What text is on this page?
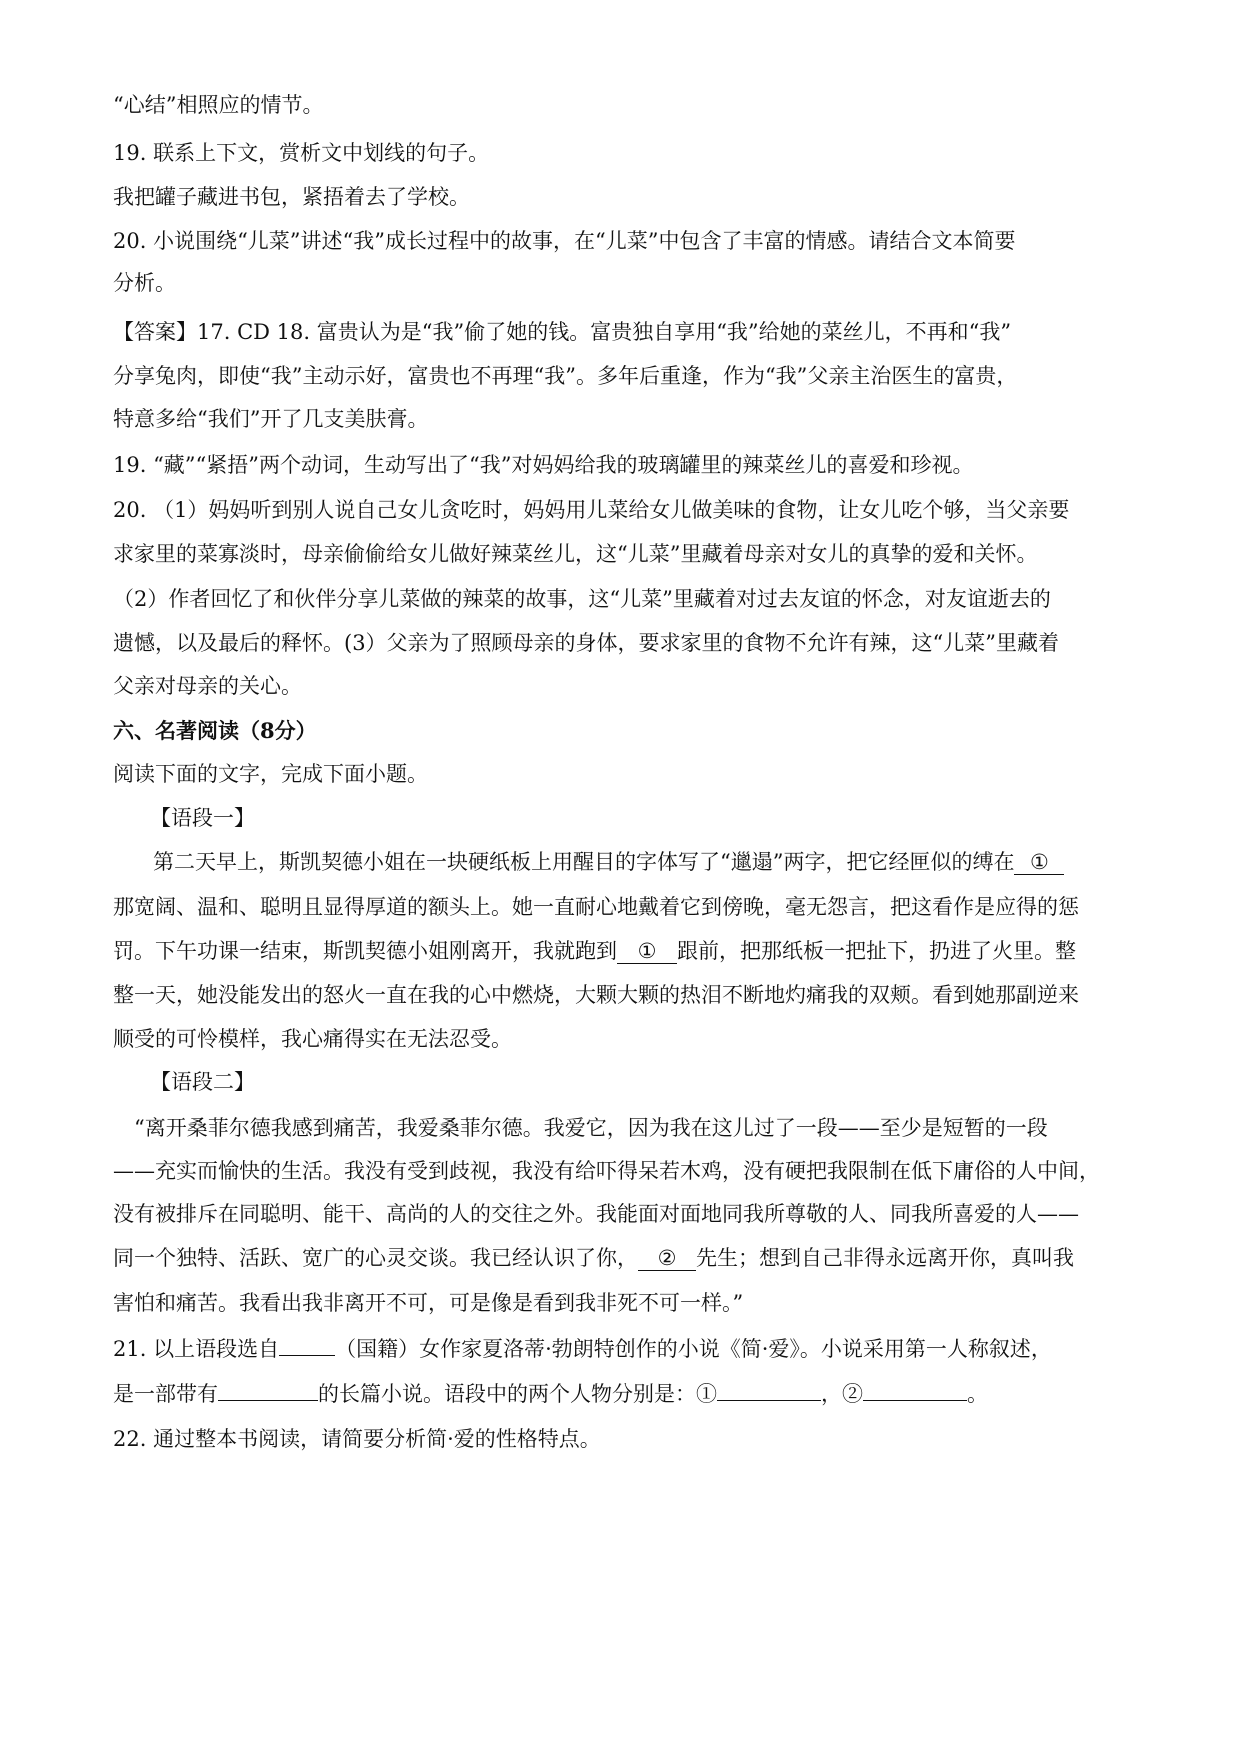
“心结”相照应的情节。
19. 联系上下文，赏析文中划线的句子。
我把罐子藏进书包，紧捂着去了学校。
20. 小说围绕“儿菜”讲述“我”成长过程中的故事，在“儿菜”中包含了丰富的情感。请结合文本简要
分析。
【答案】17. CD 18. 富贵认为是“我”偷了她的钱。富贵独自享用“我”给她的菜丝儿，不再和“我”
分享兔肉，即使“我”主动示好，富贵也不再理“我”。多年后重逢，作为“我”父亲主治医生的富贵，
特意多给“我们”开了几支美肤膏。
19. “藏”“紧捂”两个动词，生动写出了“我”对妈妈给我的玻璃罐里的辣菜丝儿的喜爱和珍视。
20. （1）妈妈听到别人说自己女儿贪吃时，妈妈用儿菜给女儿做美味的食物，让女儿吃个够，当父亲要
求家里的菜寡淡时，母亲偷偷给女儿做好辣菜丝儿，这“儿菜”里藏着母亲对女儿的真挚的爱和关怀。
（2）作者回忆了和伙伴分享儿菜做的辣菜的故事，这“儿菜”里藏着对过去友谊的怀念，对友谊逝去的
遗憾，以及最后的释怀。(3）父亲为了照顾母亲的身体，要求家里的食物不允许有辣，这“儿菜”里藏着
父亲对母亲的关心。
六、名著阅读（8分）
阅读下面的文字，完成下面小题。
【语段一】
第二天早上，斯凯契德小姐在一块硬纸板上用醒目的字体写了“邋遢”两字，把它经匣似的缚在 ①
那宽阔、温和、聪明且显得厚道的额头上。她一直耐心地戴着它到傍晚，毫无怨言，把这看作是应得的惩
罚。下午功课一结束，斯凯契德小姐刚离开，我就跑到 ① 跟前，把那纸板一把扯下，扔进了火里。整
整一天，她没能发出的怒火一直在我的心中燃烧，大颗大颗的热泪不断地灼痛我的双颊。看到她那副逆来
顺受的可怜模样，我心痛得实在无法忍受。
【语段二】
“离开桑菲尔德我感到痛苦，我爱桑菲尔德。我爱它，因为我在这儿过了一段——至少是短暂的一段
——充实而愉快的生活。我没有受到歧视，我没有给吓得呆若木鸡，没有硬把我限制在低下庸俗的人中间，
没有被排斥在同聪明、能干、高尚的人的交往之外。我能面对面地同我所尊敬的人、同我所喜爱的人——
同一个独特、活跃、宽广的心灵交谈。我已经认识了你， ② 先生；想到自己非得永远离开你，真叫我
害怕和痛苦。我看出我非离开不可，可是像是看到我非死不可一样。”
21. 以上语段选自	（国籍）女作家夏洛蒂·勃朗特创作的小说《简·爱》。小说采用第一人称叙述，
是一部带有	的长篇小说。语段中的两个人物分别是：①	，②	。
22. 通过整本书阅读，请简要分析简·爱的性格特点。
